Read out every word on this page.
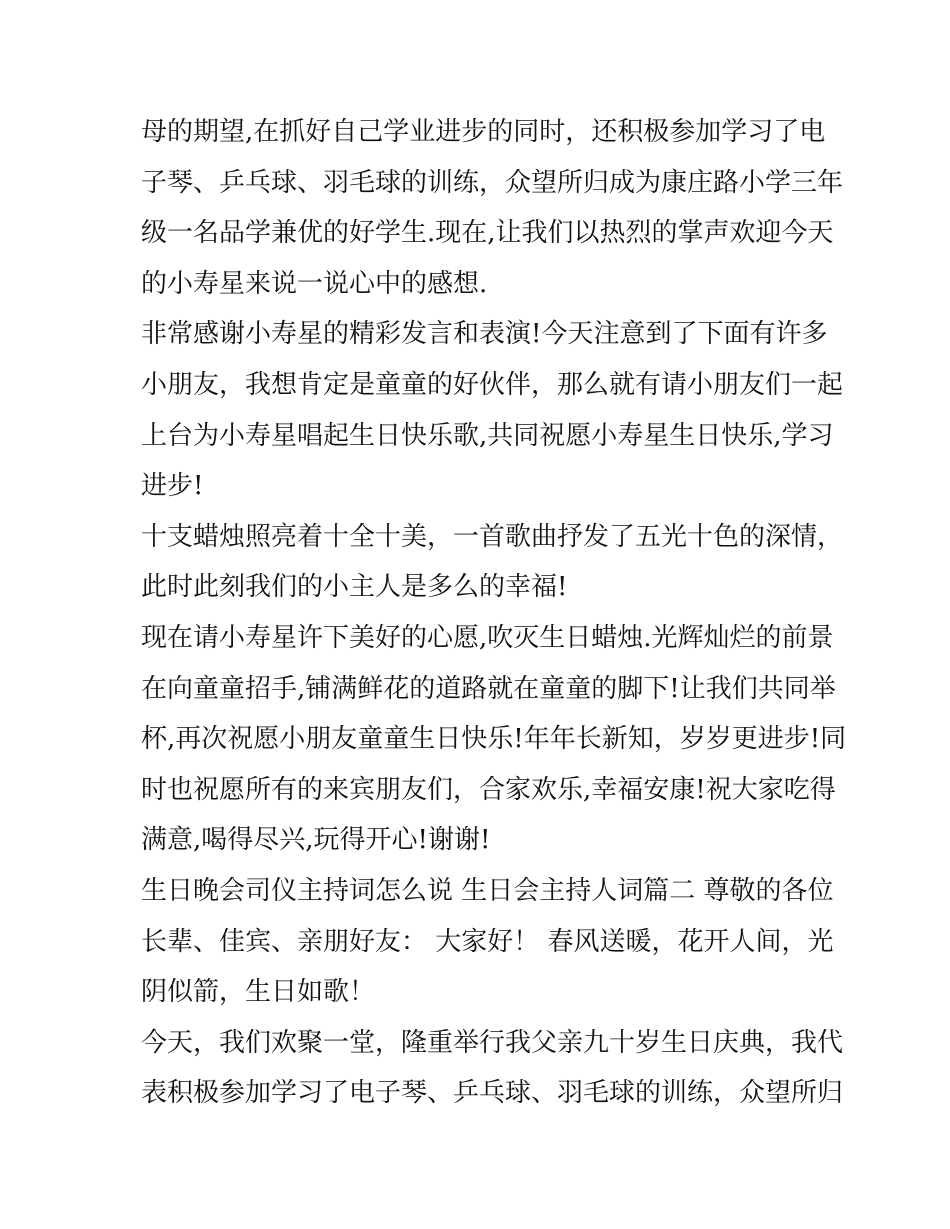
母的期望,在抓好自己学业进步的同时，还积极参加学习了电
子琴、乒乓球、羽毛球的训练，众望所归成为康庄路小学三年
级一名品学兼优的好学生.现在,让我们以热烈的掌声欢迎今天
的小寿星来说一说心中的感想.
非常感谢小寿星的精彩发言和表演!今天注意到了下面有许多
小朋友，我想肯定是童童的好伙伴，那么就有请小朋友们一起
上台为小寿星唱起生日快乐歌,共同祝愿小寿星生日快乐,学习
进步!
十支蜡烛照亮着十全十美，一首歌曲抒发了五光十色的深情，
此时此刻我们的小主人是多么的幸福!
现在请小寿星许下美好的心愿,吹灭生日蜡烛.光辉灿烂的前景
在向童童招手,铺满鲜花的道路就在童童的脚下!让我们共同举
杯,再次祝愿小朋友童童生日快乐!年年长新知，岁岁更进步!同
时也祝愿所有的来宾朋友们，合家欢乐,幸福安康!祝大家吃得
满意,喝得尽兴,玩得开心!谢谢!
生日晚会司仪主持词怎么说 生日会主持人词篇二 尊敬的各位
长辈、佳宾、亲朋好友： 大家好！ 春风送暖，花开人间，光
阴似箭，生日如歌！
今天，我们欢聚一堂，隆重举行我父亲九十岁生日庆典，我代
表积极参加学习了电子琴、乒乓球、羽毛球的训练，众望所归
